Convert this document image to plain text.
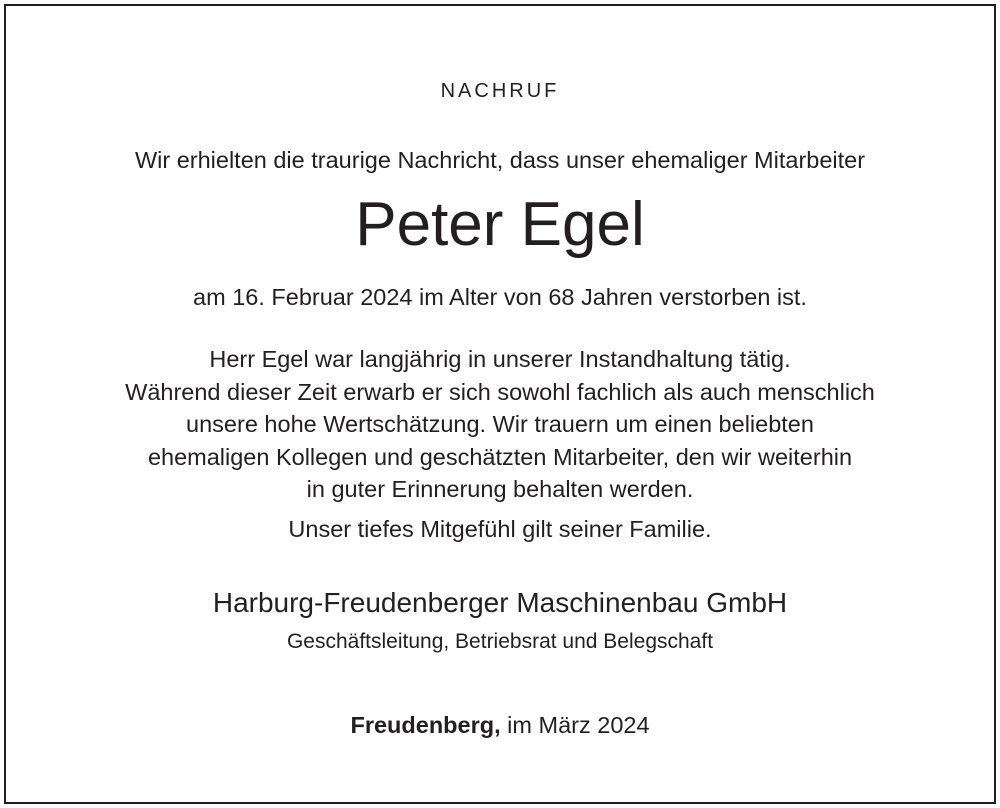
NACHRUF

Wir erhielten die traurige Nachricht, dass unser ehemaliger Mitarbeiter

Peter Egel

am 16. Februar 2024 im Alter von 68 Jahren verstorben ist.

Herr Egel war langjährig in unserer Instandhaltung tätig.
Während dieser Zeit erwarb er sich sowohl fachlich als auch menschlich
unsere hohe Wertschätzung. Wir trauern um einen beliebten
ehemaligen Kollegen und geschätzten Mitarbeiter, den wir weiterhin
in guter Erinnerung behalten werden.

Unser tiefes Mitgefühl gilt seiner Familie.

Harburg-Freudenberger Maschinenbau GmbH

Geschäftsleitung, Betriebsrat und Belegschaft

Freudenberg, im März 2024
